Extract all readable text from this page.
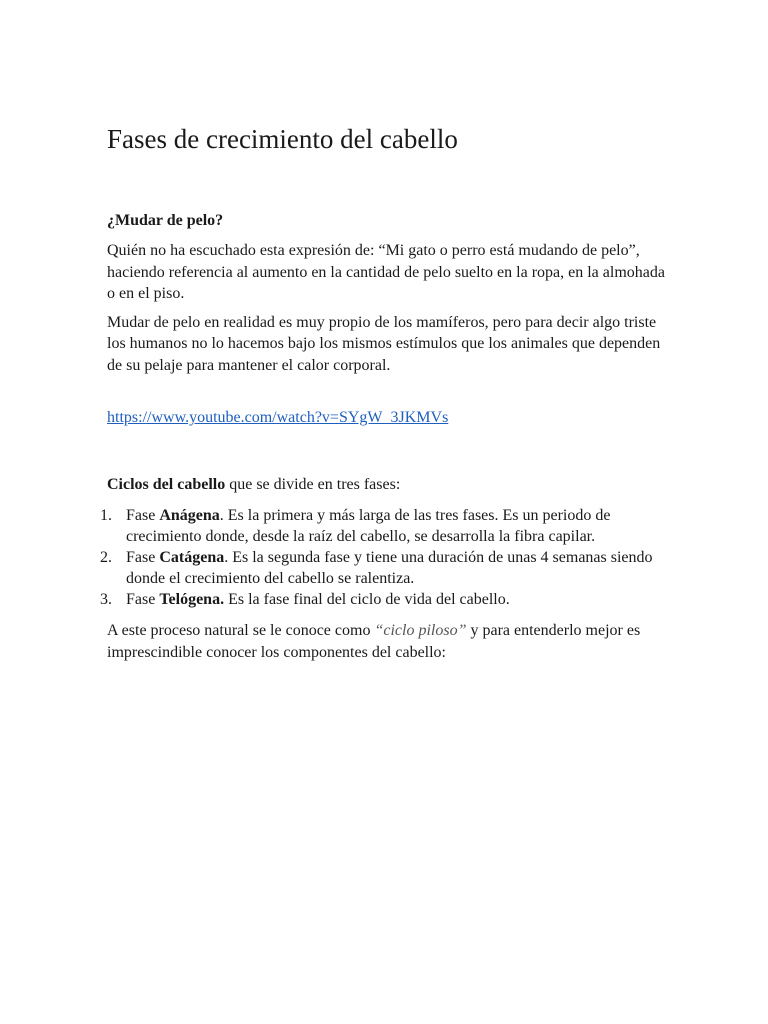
Fases de crecimiento del cabello
¿Mudar de pelo?

Quién no ha escuchado esta expresión de: “Mi gato o perro está mudando de pelo”, haciendo referencia al aumento en la cantidad de pelo suelto en la ropa, en la almohada o en el piso.

Mudar de pelo en realidad es muy propio de los mamíferos, pero para decir algo triste los humanos no lo hacemos bajo los mismos estímulos que los animales que dependen de su pelaje para mantener el calor corporal.

https://www.youtube.com/watch?v=SYgW_3JKMVs

Ciclos del cabello que se divide en tres fases:

1. Fase Anágena. Es la primera y más larga de las tres fases. Es un periodo de crecimiento donde, desde la raíz del cabello, se desarrolla la fibra capilar.
2. Fase Catágena. Es la segunda fase y tiene una duración de unas 4 semanas siendo donde el crecimiento del cabello se ralentiza.
3. Fase Telógena. Es la fase final del ciclo de vida del cabello.

A este proceso natural se le conoce como “ciclo piloso” y para entenderlo mejor es imprescindible conocer los componentes del cabello:
